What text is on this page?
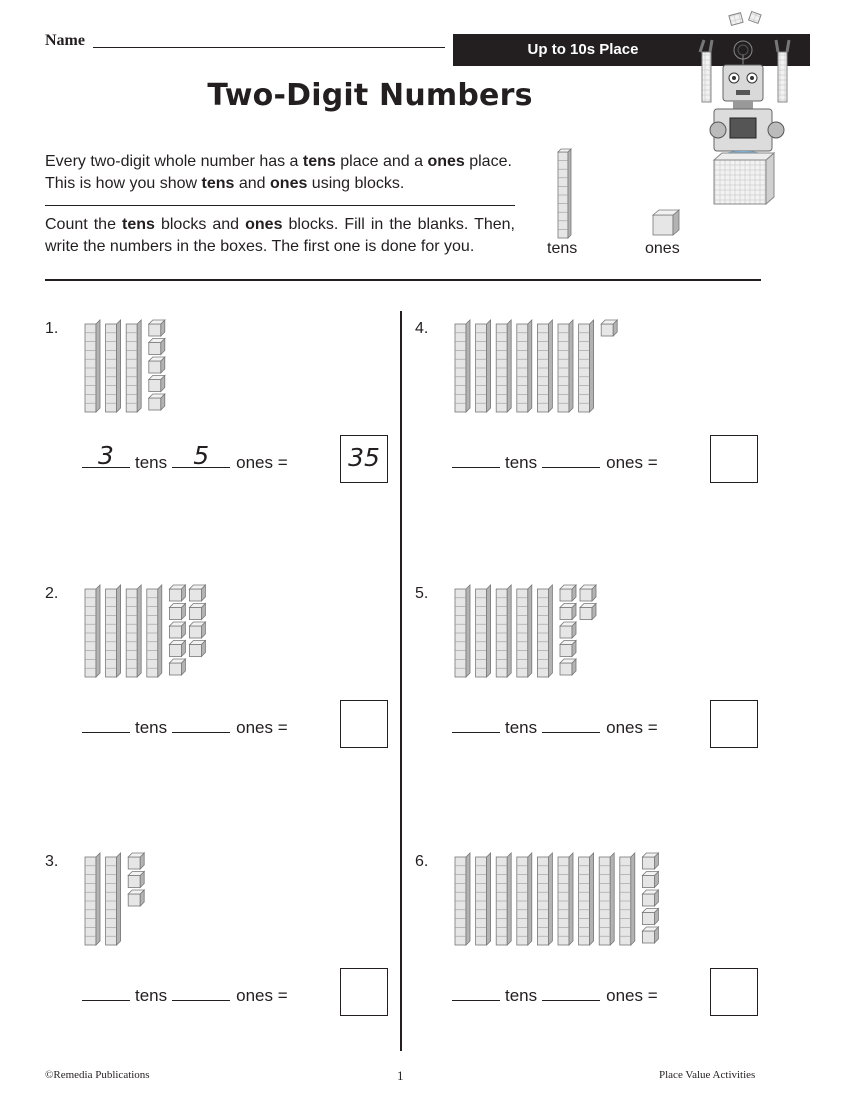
Name
Up to 10s Place
Two-Digit Numbers
Every two-digit whole number has a tens place and a ones place. This is how you show tens and ones using blocks.
Count the tens blocks and ones blocks. Fill in the blanks. Then, write the numbers in the boxes. The first one is done for you.	tens	ones
1.
3	tens	5	ones =	35
2.
tens	ones =
3.
tens	ones =
4.
tens	ones =
5.
tens	ones =
6.
tens	ones =
©Remedia Publications	1	Place Value Activities
